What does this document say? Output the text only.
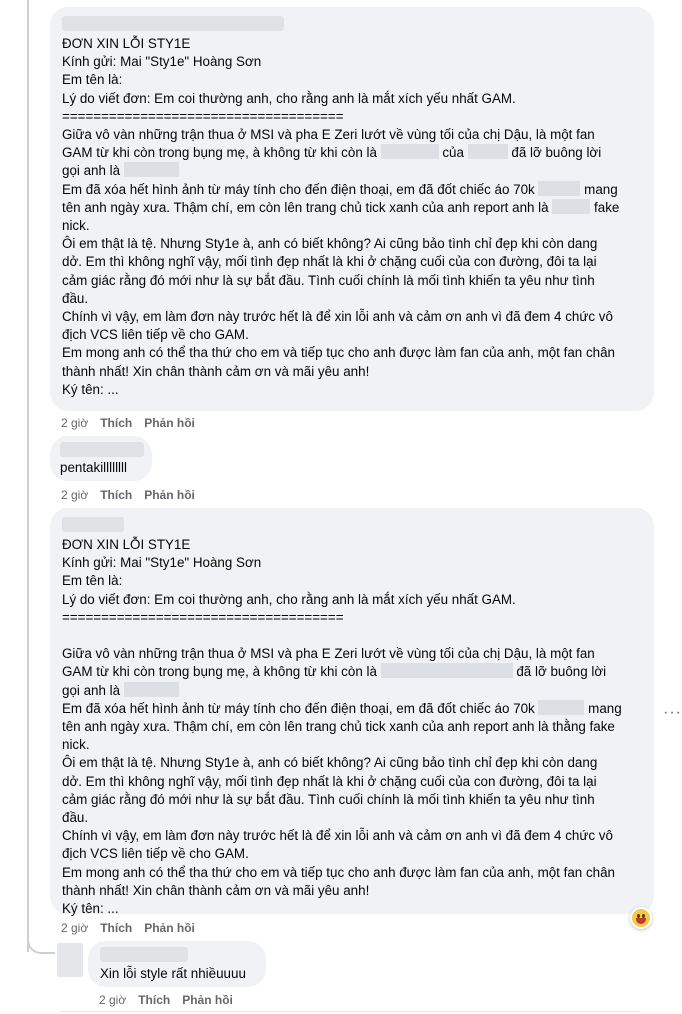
ĐƠN XIN LỖI STY1E
Kính gửi: Mai "Sty1e" Hoàng Sơn
Em tên là:
Lý do viết đơn: Em coi thường anh, cho rằng anh là mắt xích yếu nhất GAM.
====================================
Giữa vô vàn những trận thua ở MSI và pha E Zeri lướt về vùng tối của chị Dậu, là một fan
GAM từ khi còn trong bụng mẹ, à không từ khi còn là	của	đã lỡ buông lời
gọi anh là
Em đã xóa hết hình ảnh từ máy tính cho đến điện thoại, em đã đốt chiếc áo 70k	mang
tên anh ngày xưa. Thậm chí, em còn lên trang chủ tick xanh của anh report anh là	fake
nick.
Ôi em thật là tệ. Nhưng Sty1e à, anh có biết không? Ai cũng bảo tình chỉ đẹp khi còn dang
dở. Em thì không nghĩ vậy, mối tình đẹp nhất là khi ở chặng cuối của con đường, đôi ta lại
cảm giác rằng đó mới như là sự bắt đầu. Tình cuối chính là mối tình khiến ta yêu như tình
đầu.
Chính vì vậy, em làm đơn này trước hết là để xin lỗi anh và cảm ơn anh vì đã đem 4 chức vô
địch VCS liên tiếp về cho GAM.
Em mong anh có thể tha thứ cho em và tiếp tục cho anh được làm fan của anh, một fan chân
thành nhất! Xin chân thành cảm ơn và mãi yêu anh!
Ký tên: ...
2 giờ Thích Phản hồi
pentakillllllll
2 giờ Thích Phản hồi
ĐƠN XIN LỖI STY1E
Kính gửi: Mai "Sty1e" Hoàng Sơn
Em tên là:
Lý do viết đơn: Em coi thường anh, cho rằng anh là mắt xích yếu nhất GAM.
====================================
Giữa vô vàn những trận thua ở MSI và pha E Zeri lướt về vùng tối của chị Dậu, là một fan
GAM từ khi còn trong bụng mẹ, à không từ khi còn là	đã lỡ buông lời
gọi anh là
Em đã xóa hết hình ảnh từ máy tính cho đến điện thoại, em đã đốt chiếc áo 70k	mang
tên anh ngày xưa. Thậm chí, em còn lên trang chủ tick xanh của anh report anh là thằng fake
nick.
Ôi em thật là tệ. Nhưng Sty1e à, anh có biết không? Ai cũng bảo tình chỉ đẹp khi còn dang
dở. Em thì không nghĩ vậy, mối tình đẹp nhất là khi ở chặng cuối của con đường, đôi ta lại
cảm giác rằng đó mới như là sự bắt đầu. Tình cuối chính là mối tình khiến ta yêu như tình
đầu.
Chính vì vậy, em làm đơn này trước hết là để xin lỗi anh và cảm ơn anh vì đã đem 4 chức vô
địch VCS liên tiếp về cho GAM.
Em mong anh có thể tha thứ cho em và tiếp tục cho anh được làm fan của anh, một fan chân
thành nhất! Xin chân thành cảm ơn và mãi yêu anh!
Ký tên: ...
···
2 giờ Thích Phản hồi
Xin lỗi style rất nhiềuuuu
2 giờ Thích Phản hồi
